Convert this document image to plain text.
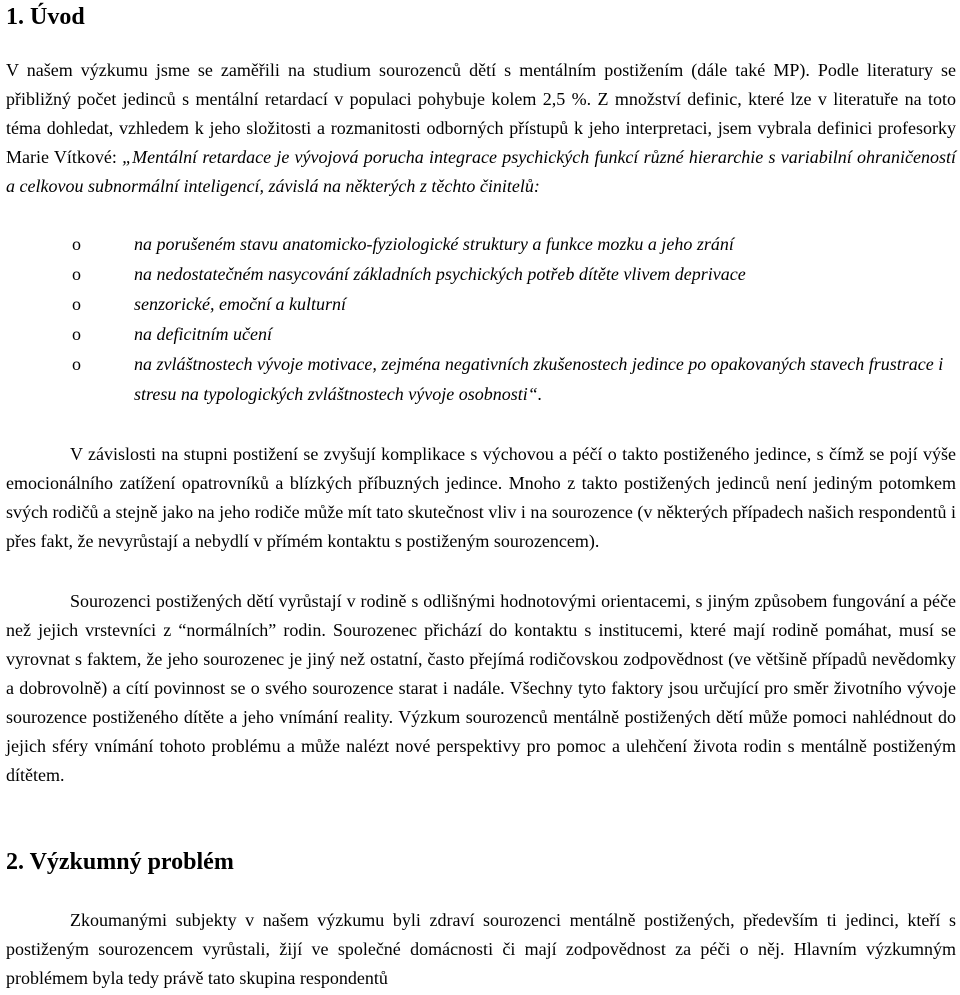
1. Úvod

V našem výzkumu jsme se zaměřili na studium sourozenců dětí s mentálním postižením (dále také MP). Podle literatury se přibližný počet jedinců s mentální retardací v populaci pohybuje kolem 2,5 %. Z množství definic, které lze v literatuře na toto téma dohledat, vzhledem k jeho složitosti a rozmanitosti odborných přístupů k jeho interpretaci, jsem vybrala definici profesorky Marie Vítkové: „Mentální retardace je vývojová porucha integrace psychických funkcí různé hierarchie s variabilní ohraničeností a celkovou subnormální inteligencí, závislá na některých z těchto činitelů:

o	na porušeném stavu anatomicko-fyziologické struktury a funkce mozku a jeho zrání
o	na nedostatečném nasycování základních psychických potřeb dítěte vlivem deprivace
o	senzorické, emoční a kulturní
o	na deficitním učení
o	na zvláštnostech vývoje motivace, zejména negativních zkušenostech jedince po opakovaných stavech frustrace i stresu na typologických zvláštnostech vývoje osobnosti“.

V závislosti na stupni postižení se zvyšují komplikace s výchovou a péčí o takto postiženého jedince, s čímž se pojí výše emocionálního zatížení opatrovníků a blízkých příbuzných jedince. Mnoho z takto postižených jedinců není jediným potomkem svých rodičů a stejně jako na jeho rodiče může mít tato skutečnost vliv i na sourozence (v některých případech našich respondentů i přes fakt, že nevyrůstají a nebydlí v přímém kontaktu s postiženým sourozencem).

Sourozenci postižených dětí vyrůstají v rodině s odlišnými hodnotovými orientacemi, s jiným způsobem fungování a péče než jejich vrstevníci z “normálních” rodin. Sourozenec přichází do kontaktu s institucemi, které mají rodině pomáhat, musí se vyrovnat s faktem, že jeho sourozenec je jiný než ostatní, často přejímá rodičovskou zodpovědnost (ve většině případů nevědomky a dobrovolně) a cítí povinnost se o svého sourozence starat i nadále. Všechny tyto faktory jsou určující pro směr životního vývoje sourozence postiženého dítěte a jeho vnímání reality. Výzkum sourozenců mentálně postižených dětí může pomoci nahlédnout do jejich sféry vnímání tohoto problému a může nalézt nové perspektivy pro pomoc a ulehčení života rodin s mentálně postiženým dítětem.

2. Výzkumný problém

Zkoumanými subjekty v našem výzkumu byli zdraví sourozenci mentálně postižených, především ti jedinci, kteří s postiženým sourozencem vyrůstali, žijí ve společné domácnosti či mají zodpovědnost za péči o něj. Hlavním výzkumným problémem byla tedy právě tato skupina respondentů
